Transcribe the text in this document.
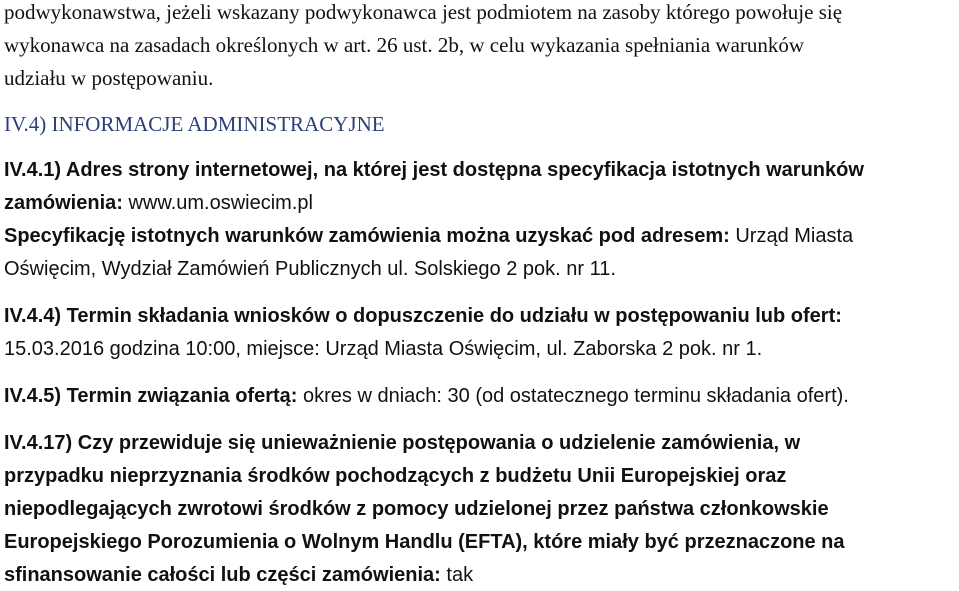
podwykonawstwa, jeżeli wskazany podwykonawca jest podmiotem na zasoby którego powołuje się
wykonawca na zasadach określonych w art. 26 ust. 2b, w celu wykazania spełniania warunków
udziału w postępowaniu.
IV.4) INFORMACJE ADMINISTRACYJNE
IV.4.1) Adres strony internetowej, na której jest dostępna specyfikacja istotnych warunków
zamówienia: www.um.oswiecim.pl
Specyfikację istotnych warunków zamówienia można uzyskać pod adresem: Urząd Miasta
Oświęcim, Wydział Zamówień Publicznych ul. Solskiego 2 pok. nr 11.
IV.4.4) Termin składania wniosków o dopuszczenie do udziału w postępowaniu lub ofert:
15.03.2016 godzina 10:00, miejsce: Urząd Miasta Oświęcim, ul. Zaborska 2 pok. nr 1.
IV.4.5) Termin związania ofertą: okres w dniach: 30 (od ostatecznego terminu składania ofert).
IV.4.17) Czy przewiduje się unieważnienie postępowania o udzielenie zamówienia, w
przypadku nieprzyznania środków pochodzących z budżetu Unii Europejskiej oraz
niepodlegających zwrotowi środków z pomocy udzielonej przez państwa członkowskie
Europejskiego Porozumienia o Wolnym Handlu (EFTA), które miały być przeznaczone na
sfinansowanie całości lub części zamówienia: tak
